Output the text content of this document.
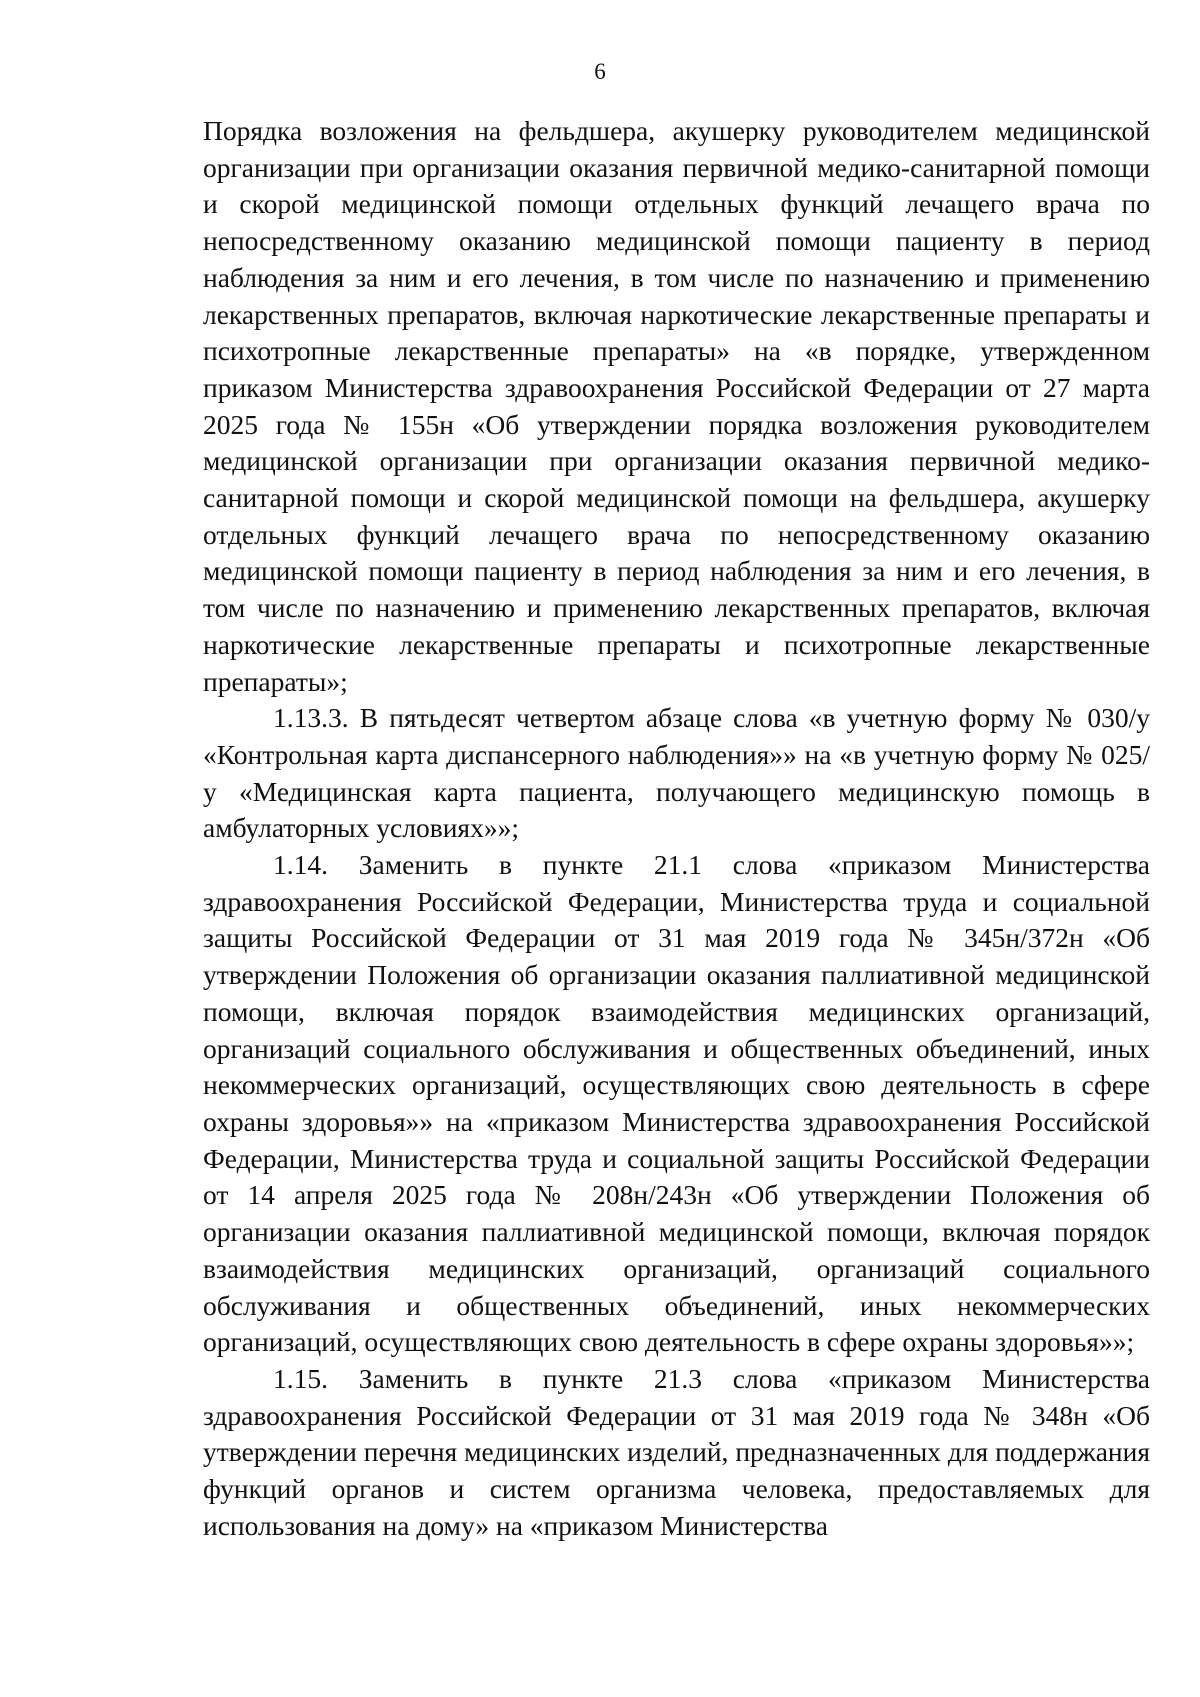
6

Порядка возложения на фельдшера, акушерку руководителем медицинской организации при организации оказания первичной медико-санитарной помощи и скорой медицинской помощи отдельных функций лечащего врача по непосредственному оказанию медицинской помощи пациенту в период наблюдения за ним и его лечения, в том числе по назначению и применению лекарственных препаратов, включая наркотические лекарственные препараты и психотропные лекарственные препараты» на «в порядке, утвержденном приказом Министерства здравоохранения Российской Федерации от 27 марта 2025 года № 155н «Об утверждении порядка возложения руководителем медицинской организации при организации оказания первичной медико-санитарной помощи и скорой медицинской помощи на фельдшера, акушерку отдельных функций лечащего врача по непосредственному оказанию медицинской помощи пациенту в период наблюдения за ним и его лечения, в том числе по назначению и применению лекарственных препаратов, включая наркотические лекарственные препараты и психотропные лекарственные препараты»;

1.13.3. В пятьдесят четвертом абзаце слова «в учетную форму № 030/у «Контрольная карта диспансерного наблюдения»» на «в учетную форму № 025/у «Медицинская карта пациента, получающего медицинскую помощь в амбулаторных условиях»»;

1.14. Заменить в пункте 21.1 слова «приказом Министерства здравоохранения Российской Федерации, Министерства труда и социальной защиты Российской Федерации от 31 мая 2019 года № 345н/372н «Об утверждении Положения об организации оказания паллиативной медицинской помощи, включая порядок взаимодействия медицинских организаций, организаций социального обслуживания и общественных объединений, иных некоммерческих организаций, осуществляющих свою деятельность в сфере охраны здоровья»» на «приказом Министерства здравоохранения Российской Федерации, Министерства труда и социальной защиты Российской Федерации от 14 апреля 2025 года № 208н/243н «Об утверждении Положения об организации оказания паллиативной медицинской помощи, включая порядок взаимодействия медицинских организаций, организаций социального обслуживания и общественных объединений, иных некоммерческих организаций, осуществляющих свою деятельность в сфере охраны здоровья»»;

1.15. Заменить в пункте 21.3 слова «приказом Министерства здравоохранения Российской Федерации от 31 мая 2019 года № 348н «Об утверждении перечня медицинских изделий, предназначенных для поддержания функций органов и систем организма человека, предоставляемых для использования на дому» на «приказом Министерства
